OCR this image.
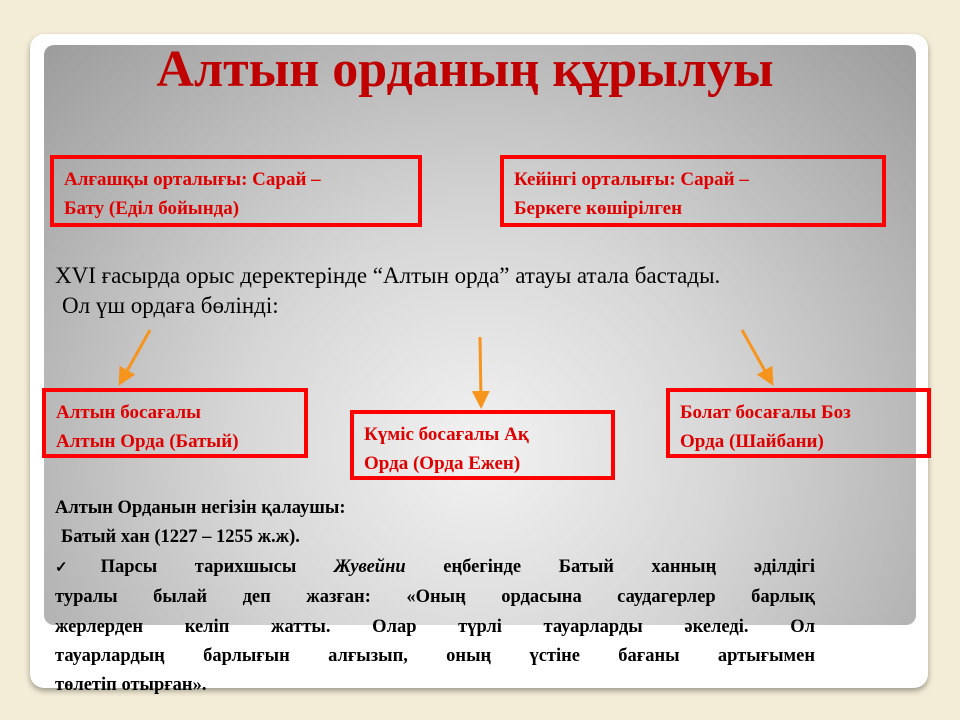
Алтын орданың құрылуы
Алғашқы орталығы: Сарай –
Бату (Еділ бойында)
Кейінгі орталығы: Сарай –
Беркеге көшірілген
XVI ғасырда орыс деректерінде “Алтын орда” атауы атала бастады.
Ол үш ордаға бөлінді:
Алтын босағалы
Алтын Орда (Батый)	Күміс босағалы Ақ
Орда (Орда Ежен)
Болат босағалы Боз
Орда (Шайбани)
Алтын Орданын негізін қалаушы:
Батый хан (1227 – 1255 ж.ж).
✓Парсы тарихшысы Жувейни еңбегінде Батый ханның әділдігі
туралы былай деп жазған: «Оның ордасына саудагерлер барлық
жерлерден келіп жатты. Олар түрлі тауарларды әкеледі. Ол
тауарлардың барлығын алғызып, оның үстіне бағаны артығымен
төлетіп отырған».
